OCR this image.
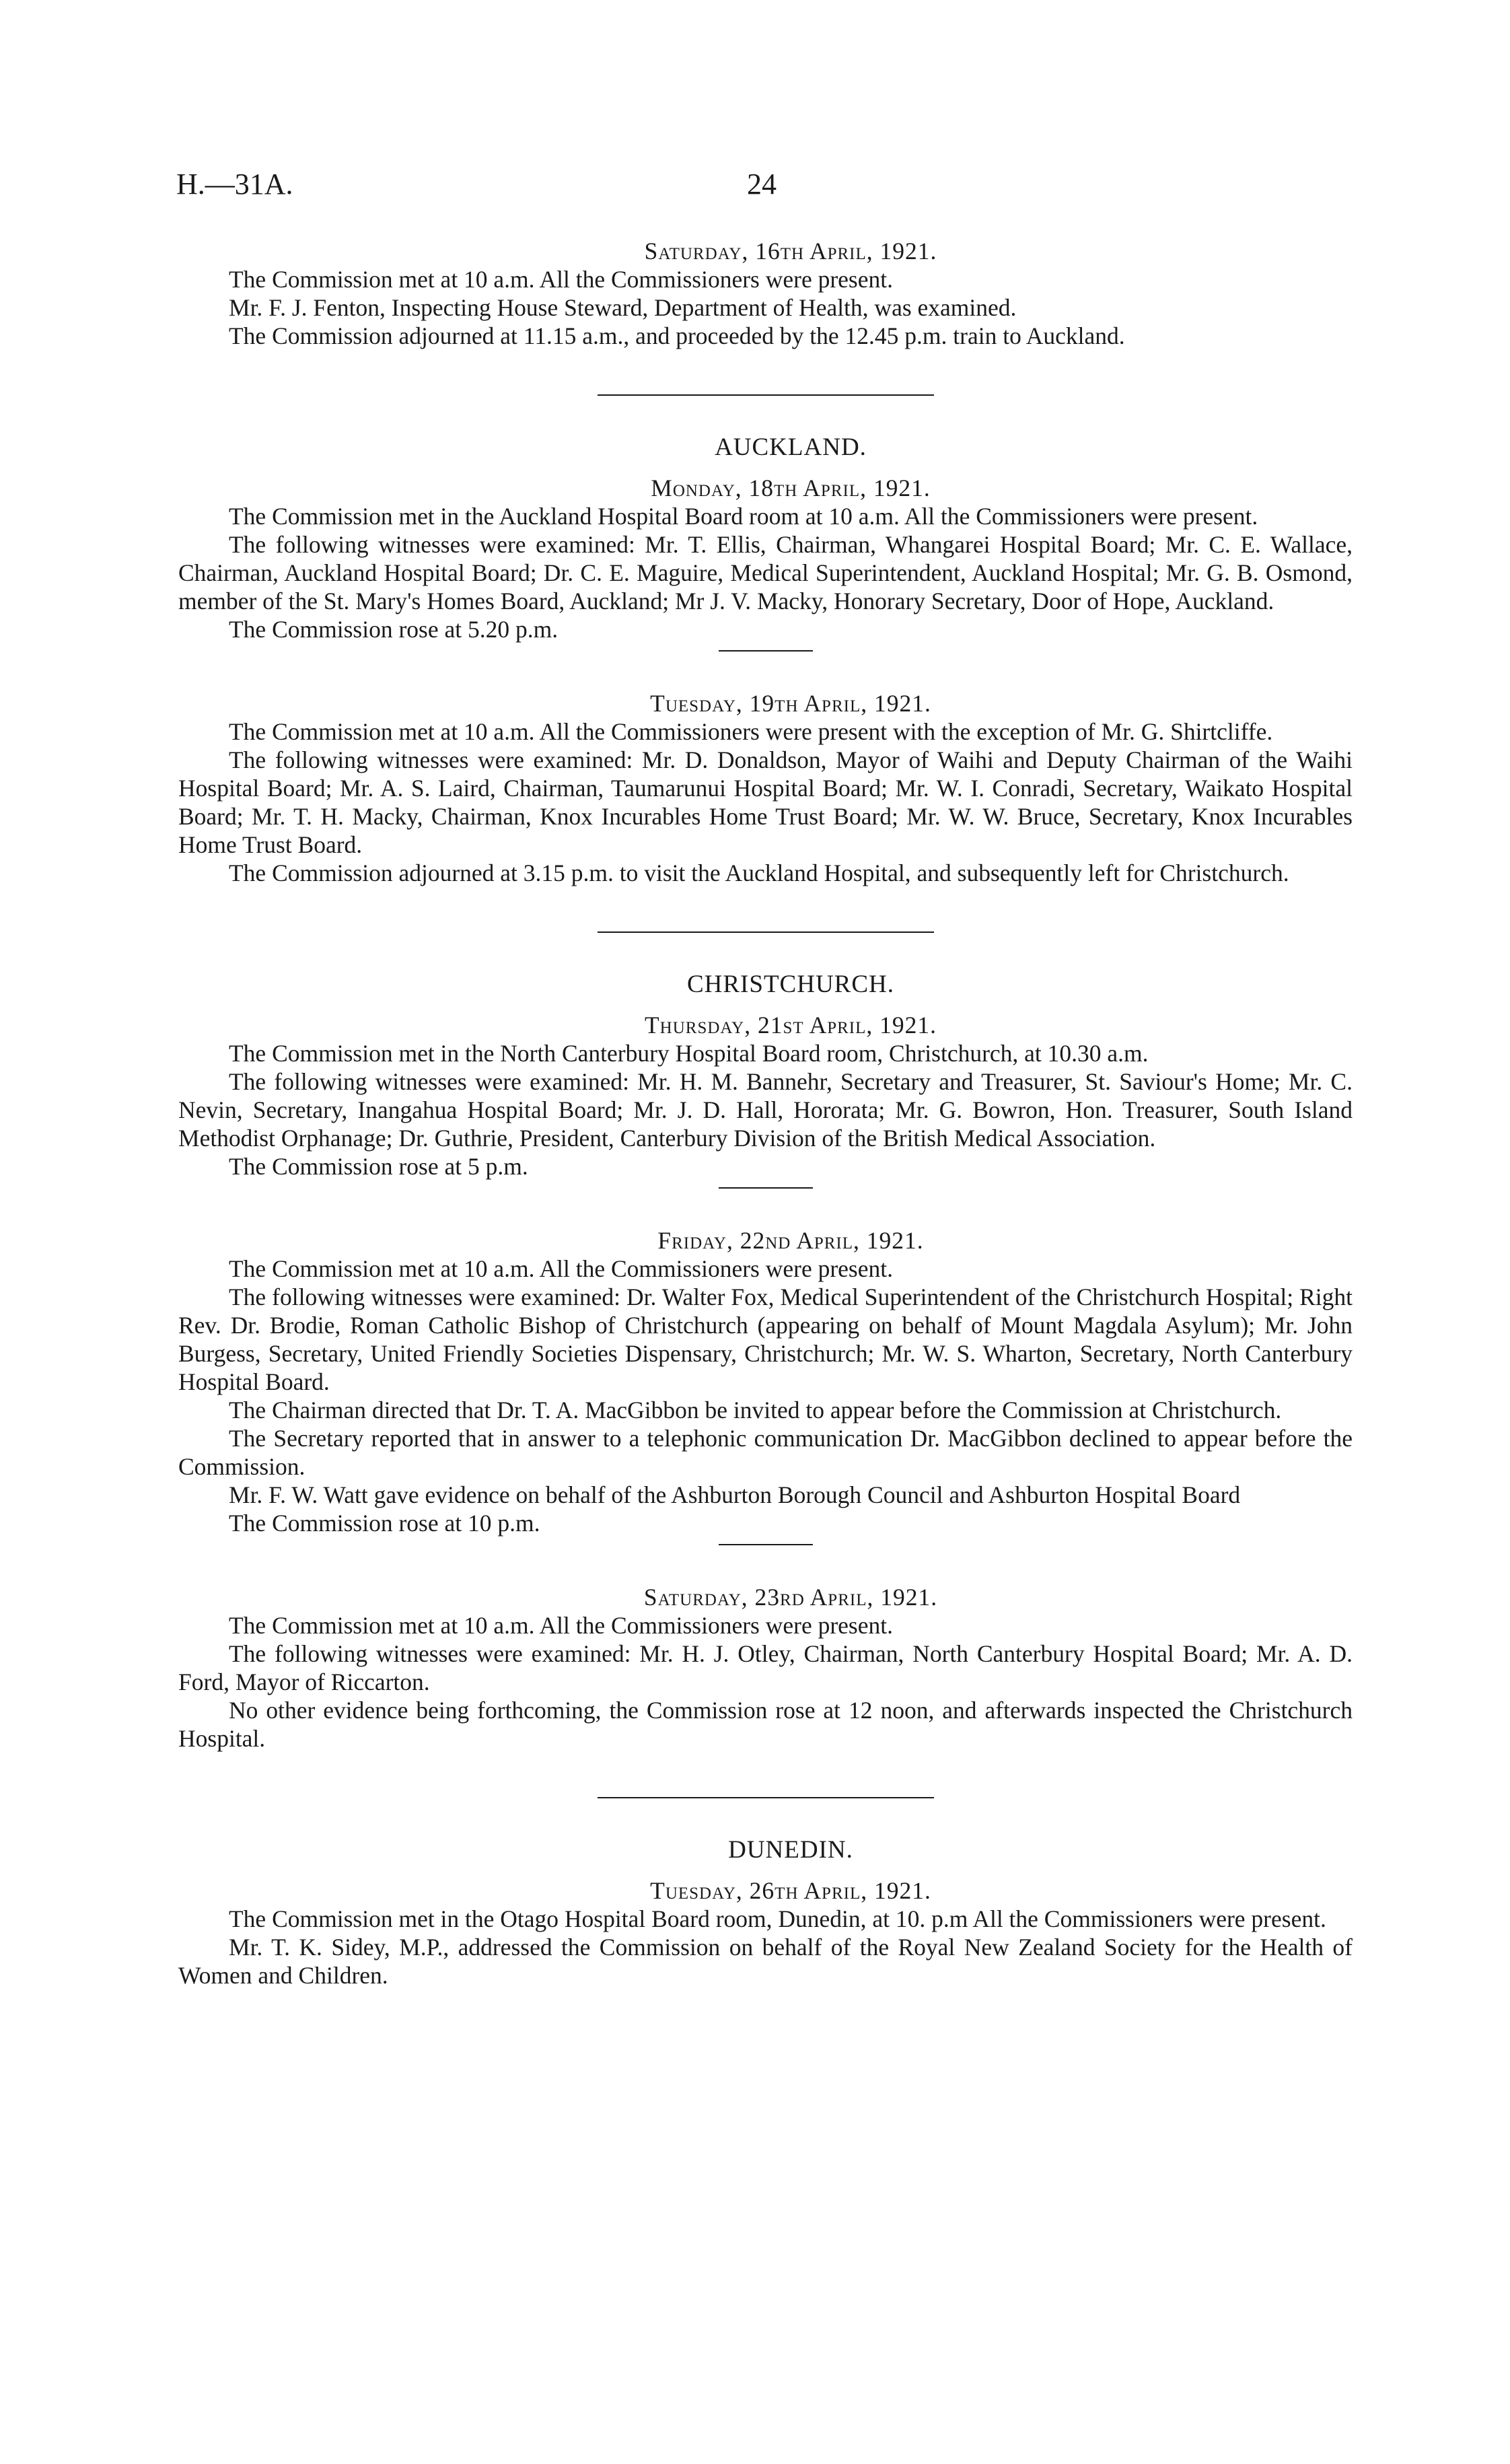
H.—31A.	24

Saturday, 16th April, 1921.

The Commission met at 10 a.m. All the Commissioners were present.

Mr. F. J. Fenton, Inspecting House Steward, Department of Health, was examined.

The Commission adjourned at 11.15 a.m., and proceeded by the 12.45 p.m. train to Auckland.

AUCKLAND.

Monday, 18th April, 1921.

The Commission met in the Auckland Hospital Board room at 10 a.m. All the Commissioners were present.

The following witnesses were examined: Mr. T. Ellis, Chairman, Whangarei Hospital Board; Mr. C. E. Wallace, Chairman, Auckland Hospital Board; Dr. C. E. Maguire, Medical Superintendent, Auckland Hospital; Mr. G. B. Osmond, member of the St. Mary's Homes Board, Auckland; Mr J. V. Macky, Honorary Secretary, Door of Hope, Auckland.

The Commission rose at 5.20 p.m.

Tuesday, 19th April, 1921.

The Commission met at 10 a.m. All the Commissioners were present with the exception of Mr. G. Shirtcliffe.

The following witnesses were examined: Mr. D. Donaldson, Mayor of Waihi and Deputy Chairman of the Waihi Hospital Board; Mr. A. S. Laird, Chairman, Taumarunui Hospital Board; Mr. W. I. Conradi, Secretary, Waikato Hospital Board; Mr. T. H. Macky, Chairman, Knox Incurables Home Trust Board; Mr. W. W. Bruce, Secretary, Knox Incurables Home Trust Board.

The Commission adjourned at 3.15 p.m. to visit the Auckland Hospital, and subsequently left for Christchurch.

CHRISTCHURCH.

Thursday, 21st April, 1921.

The Commission met in the North Canterbury Hospital Board room, Christchurch, at 10.30 a.m.

The following witnesses were examined: Mr. H. M. Bannehr, Secretary and Treasurer, St. Saviour's Home; Mr. C. Nevin, Secretary, Inangahua Hospital Board; Mr. J. D. Hall, Hororata; Mr. G. Bowron, Hon. Treasurer, South Island Methodist Orphanage; Dr. Guthrie, President, Canterbury Division of the British Medical Association.

The Commission rose at 5 p.m.

Friday, 22nd April, 1921.

The Commission met at 10 a.m. All the Commissioners were present.

The following witnesses were examined: Dr. Walter Fox, Medical Superintendent of the Christchurch Hospital; Right Rev. Dr. Brodie, Roman Catholic Bishop of Christchurch (appearing on behalf of Mount Magdala Asylum); Mr. John Burgess, Secretary, United Friendly Societies Dispensary, Christchurch; Mr. W. S. Wharton, Secretary, North Canterbury Hospital Board.

The Chairman directed that Dr. T. A. MacGibbon be invited to appear before the Commission at Christchurch.

The Secretary reported that in answer to a telephonic communication Dr. MacGibbon declined to appear before the Commission.

Mr. F. W. Watt gave evidence on behalf of the Ashburton Borough Council and Ashburton Hospital Board

The Commission rose at 10 p.m.

Saturday, 23rd April, 1921.

The Commission met at 10 a.m. All the Commissioners were present.

The following witnesses were examined: Mr. H. J. Otley, Chairman, North Canterbury Hospital Board; Mr. A. D. Ford, Mayor of Riccarton.

No other evidence being forthcoming, the Commission rose at 12 noon, and afterwards inspected the Christchurch Hospital.

DUNEDIN.

Tuesday, 26th April, 1921.

The Commission met in the Otago Hospital Board room, Dunedin, at 10. p.m All the Commissioners were present.

Mr. T. K. Sidey, M.P., addressed the Commission on behalf of the Royal New Zealand Society for the Health of Women and Children.
